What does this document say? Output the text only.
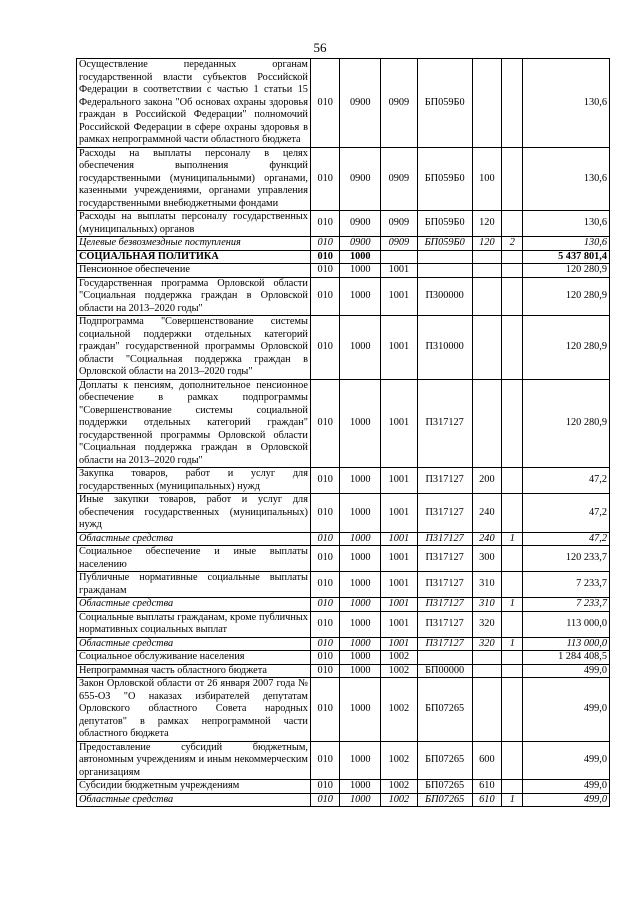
56
Осуществление переданных органам государственной власти субъектов Российской Федерации в соответствии с частью 1 статьи 15 Федерального закона "Об основах охраны здоровья граждан в Российской Федерации" полномочий Российской Федерации в сфере охраны здоровья в рамках непрограммной части областного бюджета	010	0900	0909	БП059Б0			130,6
Расходы на выплаты персоналу в целях обеспечения выполнения функций государственными (муниципальными) органами, казенными учреждениями, органами управления государственными внебюджетными фондами	010	0900	0909	БП059Б0	100		130,6
Расходы на выплаты персоналу государственных (муниципальных) органов	010	0900	0909	БП059Б0	120		130,6
Целевые безвозмездные поступления	010	0900	0909	БП059Б0	120	2	130,6
СОЦИАЛЬНАЯ ПОЛИТИКА	010	1000					5 437 801,4
Пенсионное обеспечение	010	1000	1001				120 280,9
Государственная программа Орловской области "Социальная поддержка граждан в Орловской области на 2013–2020 годы"	010	1000	1001	П300000			120 280,9
Подпрограмма "Совершенствование системы социальной поддержки отдельных категорий граждан" государственной программы Орловской области "Социальная поддержка граждан в Орловской области на 2013–2020 годы"	010	1000	1001	П310000			120 280,9
Доплаты к пенсиям, дополнительное пенсионное обеспечение в рамках подпрограммы "Совершенствование системы социальной поддержки отдельных категорий граждан" государственной программы Орловской области "Социальная поддержка граждан в Орловской области на 2013–2020 годы"	010	1000	1001	П317127			120 280,9
Закупка товаров, работ и услуг для государственных (муниципальных) нужд	010	1000	1001	П317127	200		47,2
Иные закупки товаров, работ и услуг для обеспечения государственных (муниципальных) нужд	010	1000	1001	П317127	240		47,2
Областные средства	010	1000	1001	П317127	240	1	47,2
Социальное обеспечение и иные выплаты населению	010	1000	1001	П317127	300		120 233,7
Публичные нормативные социальные выплаты гражданам	010	1000	1001	П317127	310		7 233,7
Областные средства	010	1000	1001	П317127	310	1	7 233,7
Социальные выплаты гражданам, кроме публичных нормативных социальных выплат	010	1000	1001	П317127	320		113 000,0
Областные средства	010	1000	1001	П317127	320	1	113 000,0
Социальное обслуживание населения	010	1000	1002				1 284 408,5
Непрограммная часть областного бюджета	010	1000	1002	БП00000			499,0
Закон Орловской области от 26 января 2007 года № 655-ОЗ "О наказах избирателей депутатам Орловского областного Совета народных депутатов" в рамках непрограммной части областного бюджета	010	1000	1002	БП07265			499,0
Предоставление субсидий бюджетным, автономным учреждениям и иным некоммерческим организациям	010	1000	1002	БП07265	600		499,0
Субсидии бюджетным учреждениям	010	1000	1002	БП07265	610		499,0
Областные средства	010	1000	1002	БП07265	610	1	499,0
